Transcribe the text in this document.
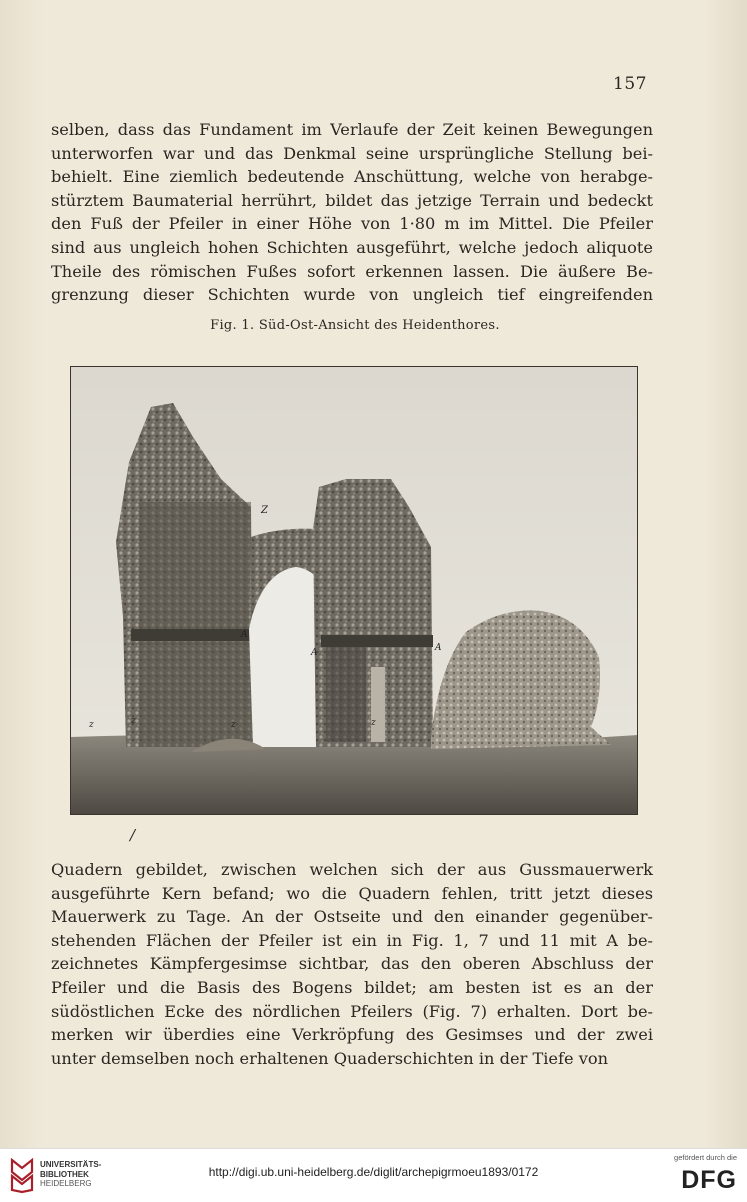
157

selben, dass das Fundament im Verlaufe der Zeit keinen Bewegungen
unterworfen war und das Denkmal seine ursprüngliche Stellung bei-
behielt. Eine ziemlich bedeutende Anschüttung, welche von herabge-
stürztem Baumaterial herrührt, bildet das jetzige Terrain und bedeckt
den Fuß der Pfeiler in einer Höhe von 1·80 m im Mittel. Die Pfeiler
sind aus ungleich hohen Schichten ausgeführt, welche jedoch aliquote
Theile des römischen Fußes sofort erkennen lassen. Die äußere Be-
grenzung dieser Schichten wurde von ungleich tief eingreifenden

Fig. 1. Süd-Ost-Ansicht des Heidenthores.
Z
A
A	A
z	z	z	z
/

Quadern gebildet, zwischen welchen sich der aus Gussmauerwerk
ausgeführte Kern befand; wo die Quadern fehlen, tritt jetzt dieses
Mauerwerk zu Tage. An der Ostseite und den einander gegenüber-
stehenden Flächen der Pfeiler ist ein in Fig. 1, 7 und 11 mit A be-
zeichnetes Kämpfergesimse sichtbar, das den oberen Abschluss der
Pfeiler und die Basis des Bogens bildet; am besten ist es an der
südöstlichen Ecke des nördlichen Pfeilers (Fig. 7) erhalten. Dort be-
merken wir überdies eine Verkröpfung des Gesimses und der zwei
unter demselben noch erhaltenen Quaderschichten in der Tiefe von

UNIVERSITÄTS-
BIBLIOTHEK
HEIDELBERG
http://digi.ub.uni-heidelberg.de/diglit/archepigrmoeu1893/0172
gefördert durch die
DFG
